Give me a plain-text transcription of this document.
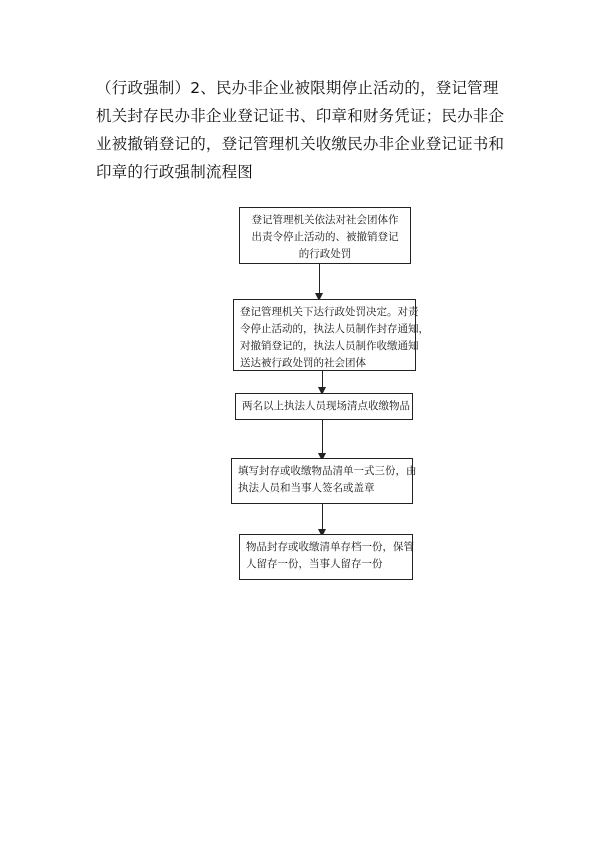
（行政强制）2、民办非企业被限期停止活动的，登记管理
机关封存民办非企业登记证书、印章和财务凭证；民办非企
业被撤销登记的，登记管理机关收缴民办非企业登记证书和
印章的行政强制流程图
登记管理机关依法对社会团体作
出责令停止活动的、被撤销登记
的行政处罚
登记管理机关下达行政处罚决定。对责
令停止活动的，执法人员制作封存通知，
对撤销登记的，执法人员制作收缴通知
送达被行政处罚的社会团体
两名以上执法人员现场清点收缴物品
填写封存或收缴物品清单一式三份，由
执法人员和当事人签名或盖章
物品封存或收缴清单存档一份，保管
人留存一份，当事人留存一份
